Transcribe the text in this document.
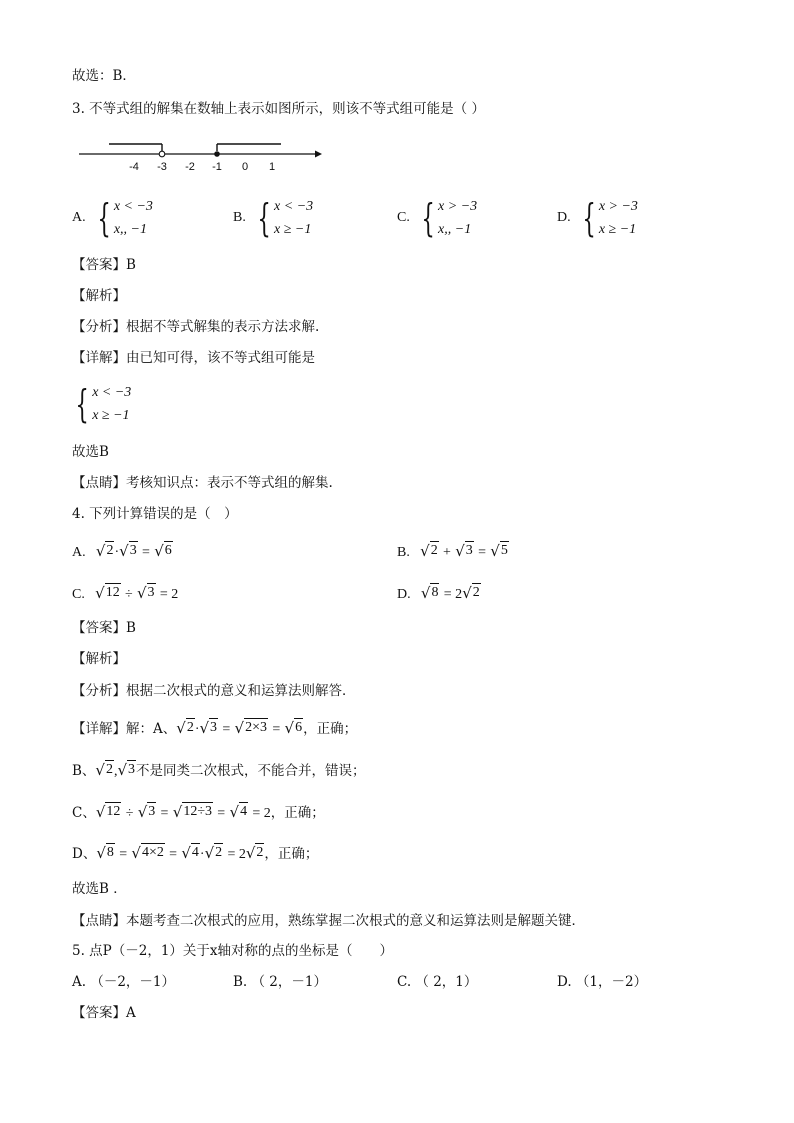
故选：B．
3. 不等式组的解集在数轴上表示如图所示，则该不等式组可能是（ ）
-4 -3 -2 -1 0 1
A. { x < −3
x,, −1
B. { x < −3
x ≥ −1
C. { x > −3
x,, −1
D. { x > −3
x ≥ −1
【答案】B
【解析】
【分析】根据不等式解集的表示方法求解.
【详解】由已知可得，该不等式组可能是
{ x < −3
x ≥ −1
故选B
【点睛】考核知识点：表示不等式组的解集.
4. 下列计算错误的是（　）
A. √ 2 · √ 3 = √ 6	B. √ 2 + √ 3 = √ 5
C. √ 12 ÷ √ 3 = 2	D. √ 8 = 2 √ 2
【答案】B
【解析】
【分析】根据二次根式的意义和运算法则解答．
【详解】解：A、 √ 2 · √ 3 = √ 2×3 = √ 6 ，正确；
B、 √ 2 , √ 3 不是同类二次根式，不能合并，错误；
C、 √ 12 ÷ √ 3 = √ 12÷3 = √ 4 = 2，正确；
D、 √ 8 = √ 4×2 = √ 4 · √ 2 = 2 √ 2 ，正确；
故选B ．
【点睛】本题考查二次根式的应用，熟练掌握二次根式的意义和运算法则是解题关键．
5. 点P（－2，1）关于x轴对称的点的坐标是（　　）
A. （－2，－1）	B. （ 2，－1）	C. （ 2，1）	D. （1，－2）
【答案】A
